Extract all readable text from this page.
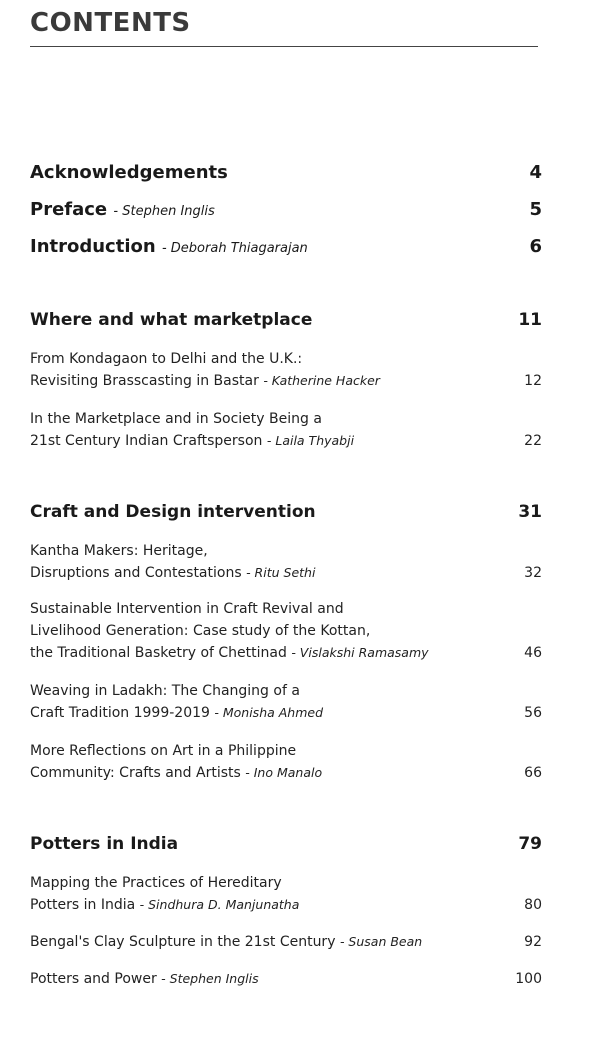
CONTENTS
Acknowledgements	4
Preface - Stephen Inglis	5
Introduction - Deborah Thiagarajan	6
Where and what marketplace	11
From Kondagaon to Delhi and the U.K.:
Revisiting Brasscasting in Bastar - Katherine Hacker	12
In the Marketplace and in Society Being a
21st Century Indian Craftsperson - Laila Thyabji	22
Craft and Design intervention	31
Kantha Makers: Heritage,
Disruptions and Contestations - Ritu Sethi	32
Sustainable Intervention in Craft Revival and
Livelihood Generation: Case study of the Kottan,
the Traditional Basketry of Chettinad - Vislakshi Ramasamy	46
Weaving in Ladakh: The Changing of a
Craft Tradition 1999-2019 - Monisha Ahmed	56
More Reflections on Art in a Philippine
Community: Crafts and Artists - Ino Manalo	66
Potters in India	79
Mapping the Practices of Hereditary
Potters in India - Sindhura D. Manjunatha	80
Bengal's Clay Sculpture in the 21st Century - Susan Bean	92
Potters and Power - Stephen Inglis	100
